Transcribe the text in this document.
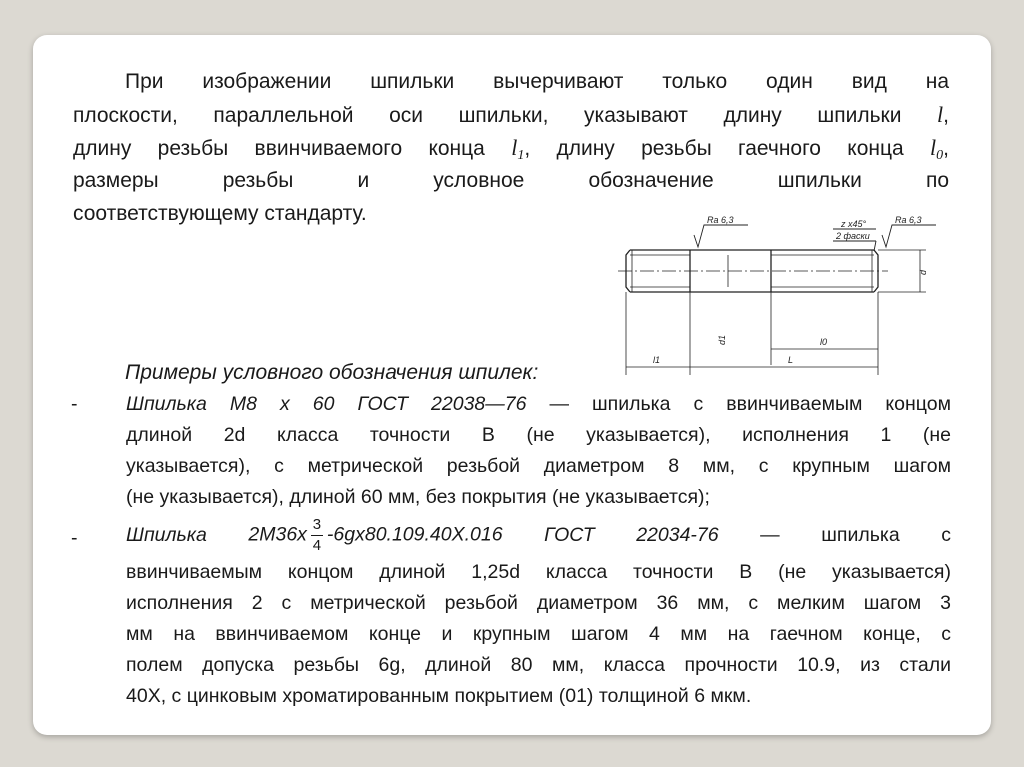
При изображении шпильки вычерчивают только один вид на
плоскости, параллельной оси шпильки, указывают длину шпильки l,
длину резьбы ввинчиваемого конца $l_1$, длину резьбы гаечного конца $l_0$,
размеры резьбы и условное обозначение шпильки по
соответствующему стандарту.	z x45°
2 фаски
Ra 6,3	Ra 6,3
d
d1
l1
l0
L
Примеры условного обозначения шпилек:
-	Шпилька М8 х 60 ГОСТ 22038—76 — шпилька с ввинчиваемым концом
длиной 2d класса точности В (не указывается), исполнения 1 (не
указывается), с метрической резьбой диаметром 8 мм, с крупным шагом
(не указывается), длиной 60 мм, без покрытия (не указывается);
-	Шпилька $2М36х \frac{3}{4} -6gx80.109.40Х.016$ ГОСТ 22034-76 — шпилька с
ввинчиваемым концом длиной 1,25d класса точности В (не указывается)
исполнения 2 с метрической резьбой диаметром 36 мм, с мелким шагом 3
мм на ввинчиваемом конце и крупным шагом 4 мм на гаечном конце, с
полем допуска резьбы 6g, длиной 80 мм, класса прочности 10.9, из стали
40Х, с цинковым хроматированным покрытием (01) толщиной 6 мкм.
